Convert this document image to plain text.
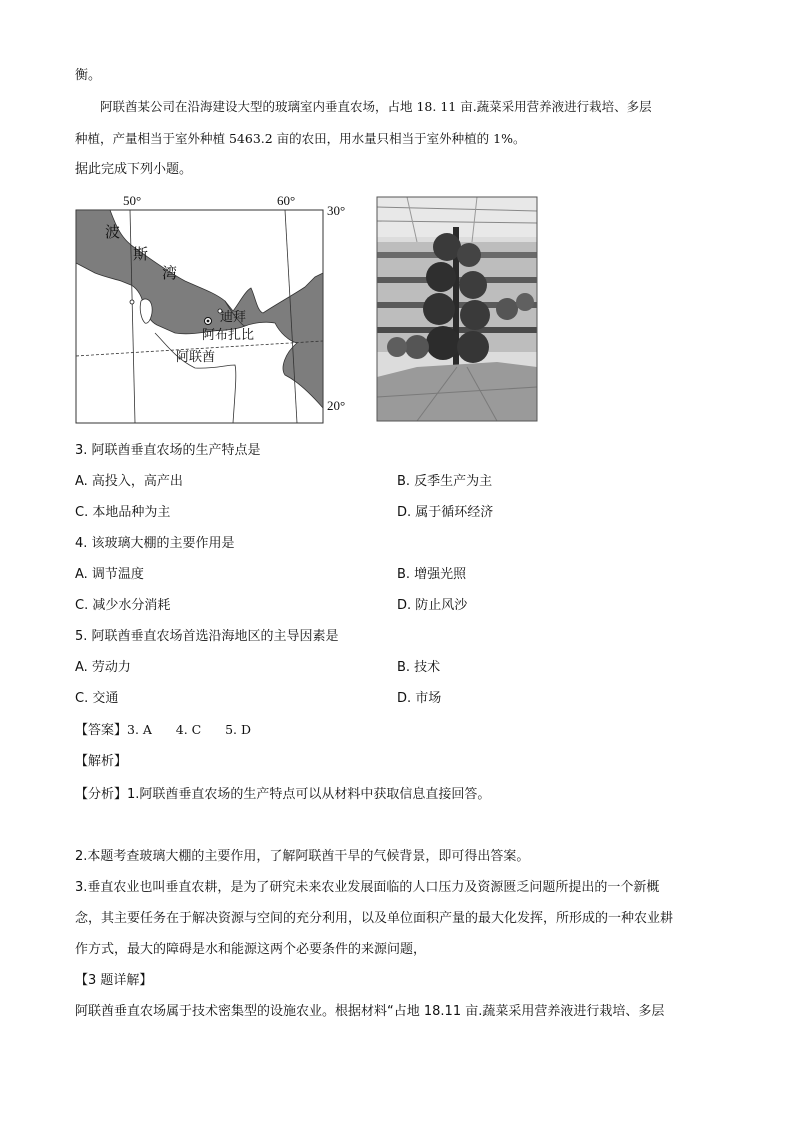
衡。
阿联酋某公司在沿海建设大型的玻璃室内垂直农场，占地 18. 11 亩.蔬菜采用营养液进行栽培、多层
种植，产量相当于室外种植 5463.2 亩的农田，用水量只相当于室外种植的 1%。
据此完成下列小题。
50°	60°
30°
20°
波
斯
湾
迪拜
阿布扎比
阿联酋
3. 阿联酋垂直农场的生产特点是
A. 高投入，高产出	B. 反季生产为主
C. 本地品种为主	D. 属于循环经济
4. 该玻璃大棚的主要作用是
A. 调节温度	B. 增强光照
C. 减少水分消耗	D. 防止风沙
5. 阿联酋垂直农场首选沿海地区的主导因素是
A. 劳动力	B. 技术
C. 交通	D. 市场
【答案】3. A      4. C      5. D
【解析】
【分析】1.阿联酋垂直农场的生产特点可以从材料中获取信息直接回答。
2.本题考查玻璃大棚的主要作用，了解阿联酋干旱的气候背景，即可得出答案。
3.垂直农业也叫垂直农耕，是为了研究未来农业发展面临的人口压力及资源匮乏问题所提出的一个新概
念，其主要任务在于解决资源与空间的充分利用，以及单位面积产量的最大化发挥，所形成的一种农业耕
作方式，最大的障碍是水和能源这两个必要条件的来源问题，
【3 题详解】
阿联酋垂直农场属于技术密集型的设施农业。根据材料“占地 18.11 亩.蔬菜采用营养液进行栽培、多层
